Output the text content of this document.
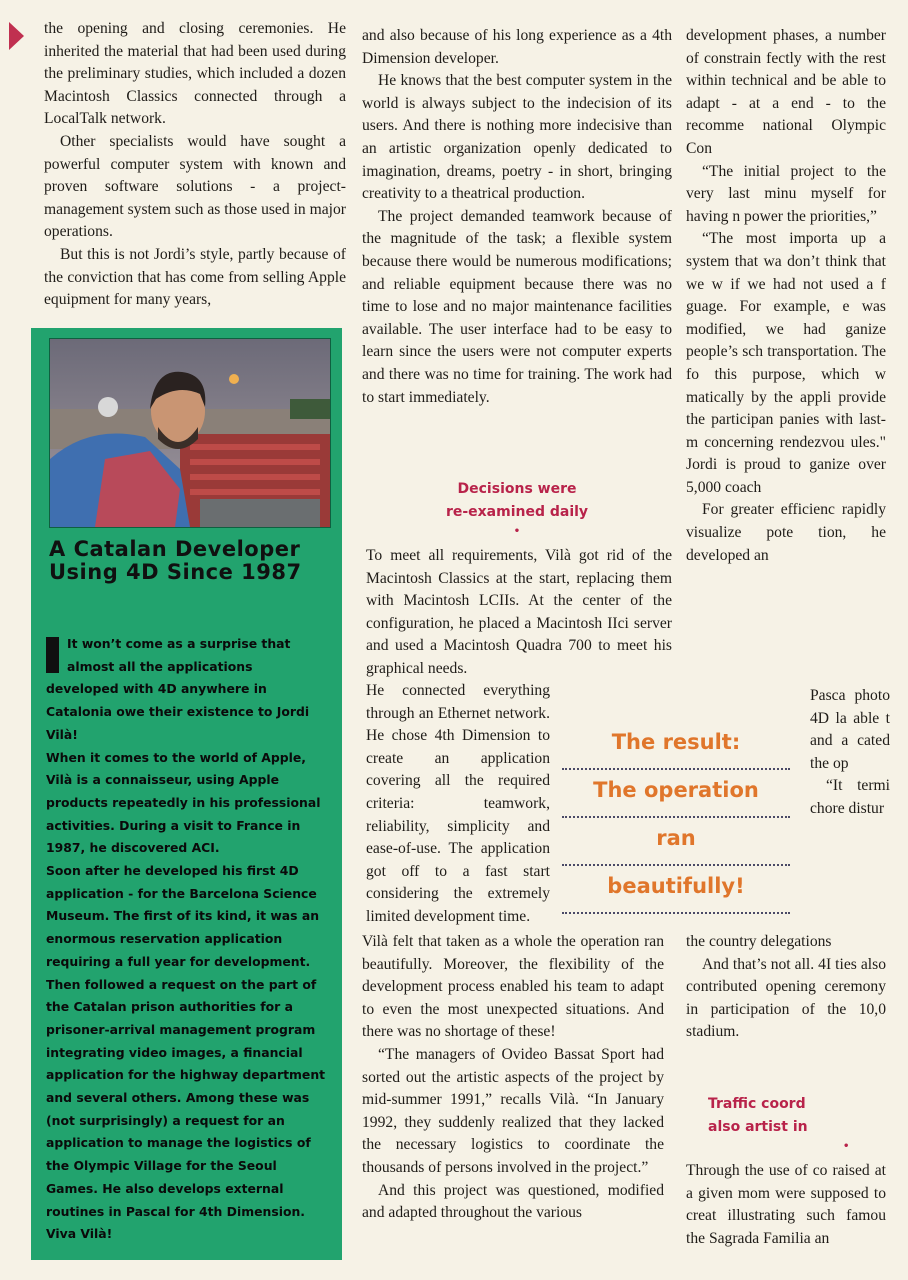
the opening and closing ceremonies. He inherited the material that had been used during the preliminary studies, which included a dozen Macintosh Classics connected through a LocalTalk network.

Other specialists would have sought a powerful computer system with known and proven software solutions - a project-management system such as those used in major operations.

But this is not Jordi’s style, partly because of the conviction that has come from selling Apple equipment for many years,

A Catalan Developer Using 4D Since 1987

It won’t come as a surprise that almost all the applications developed with 4D anywhere in Catalonia owe their existence to Jordi Vilà!

When it comes to the world of Apple, Vilà is a connaisseur, using Apple products repeatedly in his professional activities. During a visit to France in 1987, he discovered ACI.

Soon after he developed his first 4D application - for the Barcelona Science Museum. The first of its kind, it was an enormous reservation application requiring a full year for development. Then followed a request on the part of the Catalan prison authorities for a prisoner-arrival management program integrating video images, a financial application for the highway department and several others. Among these was (not surprisingly) a request for an application to manage the logistics of the Olympic Village for the Seoul Games. He also develops external routines in Pascal for 4th Dimension. Viva Vilà!

and also because of his long experience as a 4th Dimension developer.

He knows that the best computer system in the world is always subject to the indecision of its users. And there is nothing more indecisive than an artistic organization openly dedicated to imagination, dreams, poetry - in short, bringing creativity to a theatrical production.

The project demanded teamwork because of the magnitude of the task; a flexible system because there would be numerous modifications; and reliable equipment because there was no time to lose and no major maintenance facilities available. The user interface had to be easy to learn since the users were not computer experts and there was no time for training. The work had to start immediately.

Decisions were
re-examined daily
•

To meet all requirements, Vilà got rid of the Macintosh Classics at the start, replacing them with Macintosh LCIIs. At the center of the configuration, he placed a Macintosh IIci server and used a Macintosh Quadra 700 to meet his graphical needs.

He connected everything through an Ethernet network. He chose 4th Dimension to create an application covering all the required criteria: teamwork, reliability, simplicity and ease-of-use. The application got off to a fast start considering the extremely limited development time.

Vilà felt that taken as a whole the operation ran beautifully. Moreover, the flexibility of the development process enabled his team to adapt to even the most unexpected situations. And there was no shortage of these!

“The managers of Ovideo Bassat Sport had sorted out the artistic aspects of the project by mid-summer 1991,” recalls Vilà. “In January 1992, they suddenly realized that they lacked the necessary logistics to coordinate the thousands of persons involved in the project.”

And this project was questioned, modified and adapted throughout the various

The result:
The operation
ran
beautifully!

development phases, a number of constrain fectly with the rest within technical and be able to adapt - at a end - to the recomme national Olympic Con

“The initial project to the very last minu myself for having n power the priorities,”

“The most importa up a system that wa don’t think that we w if we had not used a f guage. For example, e was modified, we had ganize people’s sch transportation. The fo this purpose, which w matically by the appli provide the participan panies with last-m concerning rendezvou ules." Jordi is proud to ganize over 5,000 coach

For greater efficienc rapidly visualize pote tion, he developed an

Pasca photo 4D la able t and a cated the op

“It termi chore distur

the country delegations

And that’s not all. 4I ties also contributed opening ceremony in participation of the 10,0 stadium.

Traffic coord
also artist in
•

Through the use of co raised at a given mom were supposed to creat illustrating such famou the Sagrada Familia an
